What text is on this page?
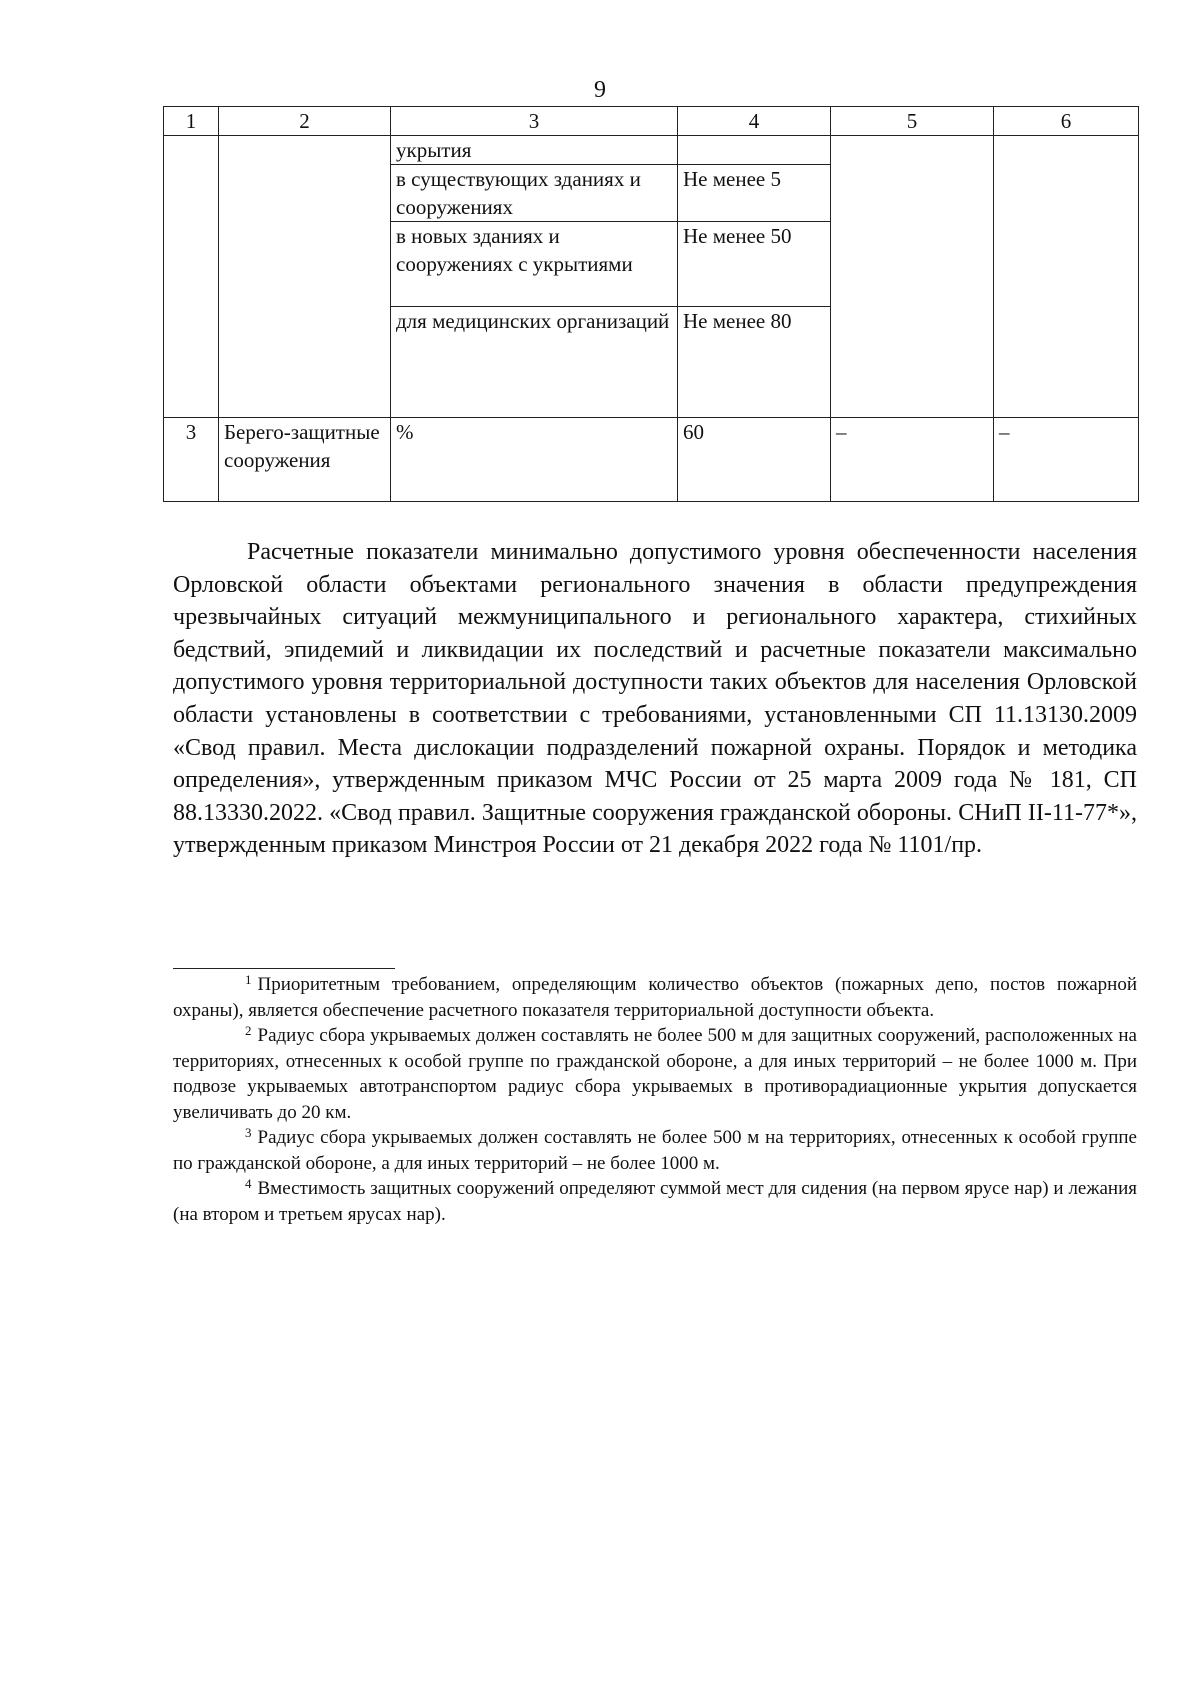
9
1	2	3	4	5	6
		укрытия			
		в существующих зданиях и сооружениях	Не менее 5		
		в новых зданиях и сооружениях с укрытиями	Не менее 50		
		для медицинских организаций	Не менее 80		
3	Берего-защитные сооружения	%	60	–	–

Расчетные показатели минимально допустимого уровня обеспеченности населения Орловской области объектами регионального значения в области предупреждения чрезвычайных ситуаций межмуниципального и регионального характера, стихийных бедствий, эпидемий и ликвидации их последствий и расчетные показатели максимально допустимого уровня территориальной доступности таких объектов для населения Орловской области установлены в соответствии с требованиями, установленными СП 11.13130.2009 «Свод правил. Места дислокации подразделений пожарной охраны. Порядок и методика определения», утвержденным приказом МЧС России от 25 марта 2009 года № 181, СП 88.13330.2022. «Свод правил. Защитные сооружения гражданской обороны. СНиП II-11-77*», утвержденным приказом Минстроя России от 21 декабря 2022 года № 1101/пр.

$^1$ Приоритетным требованием, определяющим количество объектов (пожарных депо, постов пожарной охраны), является обеспечение расчетного показателя территориальной доступности объекта.

$^2$ Радиус сбора укрываемых должен составлять не более 500 м для защитных сооружений, расположенных на территориях, отнесенных к особой группе по гражданской обороне, а для иных территорий – не более 1000 м. При подвозе укрываемых автотранспортом радиус сбора укрываемых в противорадиационные укрытия допускается увеличивать до 20 км.

$^3$ Радиус сбора укрываемых должен составлять не более 500 м на территориях, отнесенных к особой группе по гражданской обороне, а для иных территорий – не более 1000 м.

$^4$ Вместимость защитных сооружений определяют суммой мест для сидения (на первом ярусе нар) и лежания (на втором и третьем ярусах нар).
